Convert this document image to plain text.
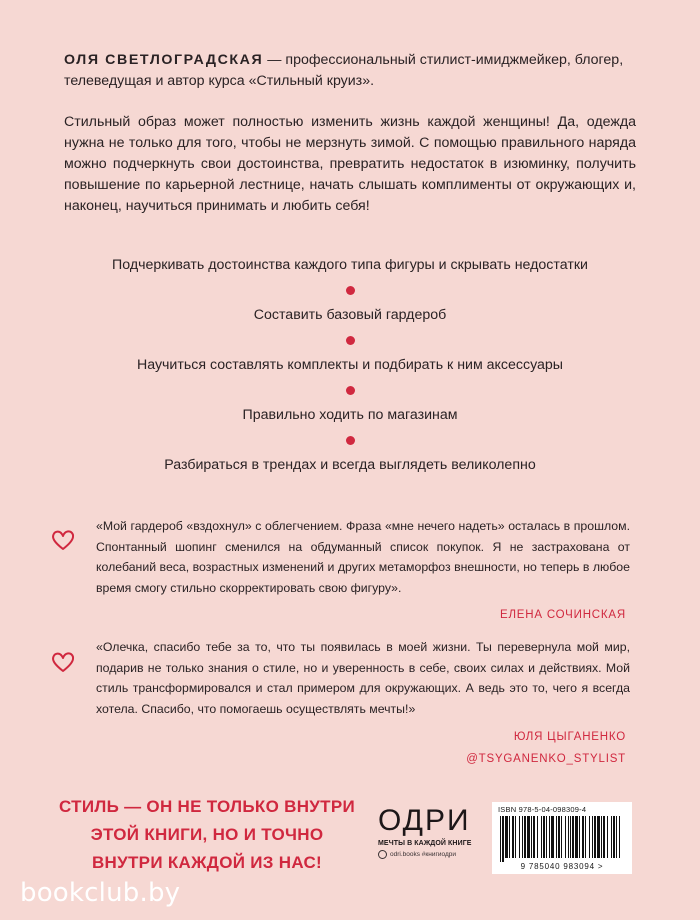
ОЛЯ СВЕТЛОГРАДСКАЯ — профессиональный стилист-имиджмейкер, блогер, телеведущая и автор курса «Стильный круиз».
Стильный образ может полностью изменить жизнь каждой женщины! Да, одежда нужна не только для того, чтобы не мерзнуть зимой. С помощью правильного наряда можно подчеркнуть свои достоинства, превратить недостаток в изюминку, получить повышение по карьерной лестнице, начать слышать комплименты от окружающих и, наконец, научиться принимать и любить себя!
Подчеркивать достоинства каждого типа фигуры и скрывать недостатки
Составить базовый гардероб
Научиться составлять комплекты и подбирать к ним аксессуары
Правильно ходить по магазинам
Разбираться в трендах и всегда выглядеть великолепно
«Мой гардероб «вздохнул» с облегчением. Фраза «мне нечего надеть» осталась в прошлом. Спонтанный шопинг сменился на обдуманный список покупок. Я не застрахована от колебаний веса, возрастных изменений и других метаморфоз внешности, но теперь в любое время смогу стильно скорректировать свою фигуру».
ЕЛЕНА СОЧИНСКАЯ
«Олечка, спасибо тебе за то, что ты появилась в моей жизни. Ты перевернула мой мир, подарив не только знания о стиле, но и уверенность в себе, своих силах и действиях. Мой стиль трансформировался и стал примером для окружающих. А ведь это то, чего я всегда хотела. Спасибо, что помогаешь осуществлять мечты!»
ЮЛЯ ЦЫГАНЕНКО
@TSYGANENKO_STYLIST
СТИЛЬ — ОН НЕ ТОЛЬКО ВНУТРИ
ЭТОЙ КНИГИ, НО И ТОЧНО
ВНУТРИ КАЖДОЙ ИЗ НАС!
ОДРИ
МЕЧТЫ В КАЖДОЙ КНИГЕ
odri.books #книгиодри
ISBN 978-5-04-098309-4
9 785040 983094 >
bookclub.by
